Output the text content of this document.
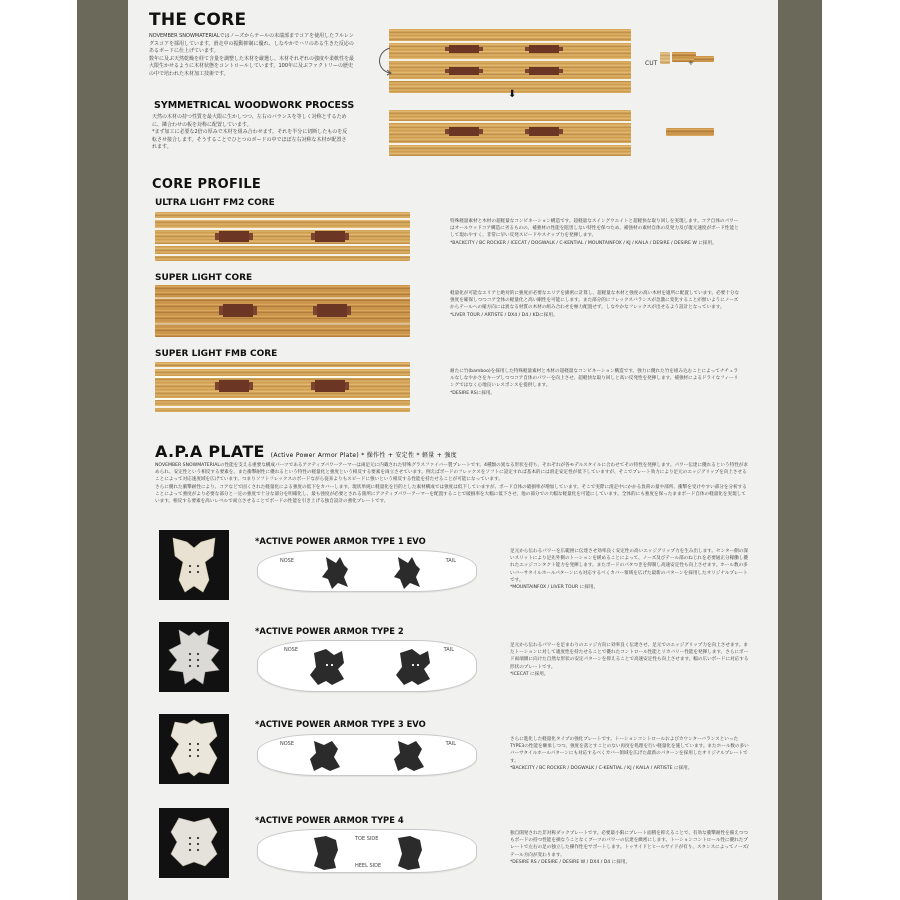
THE CORE
NOVEMBER SNOWMATERIALではノーズからテールの末端部までコアを使用したフルレングスコアを採用しています。滑走中の振動抑制に優れ、しなやかでハリのある生きた反応のあるボードに仕上げています。
数年に及ぶ天然乾燥を経て含量を調整した木材を厳選し、木材それぞれの強度や柔軟性を最大限生かせるように木材状態をコントロールしています。100年に及ぶファクトリーの歴史の中で培われた木材加工技術です。
SYMMETRICAL WOODWORK PROCESS
天然の木材の持つ性質を最大限に生かしつつ、左右のバランスを等しく対称とするために、隣合わせの板を対称に配置しています。
*まず加工に必要な2倍の厚みで木材を組み合わせます。それを半分に切断したものを反転させ接合します。そうすることでひとつのボードの中でほぼ左右対称な木材が配置されます。
⬇
CUT	+
CORE PROFILE
ULTRA LIGHT FM2 CORE
特殊軽量素材と木材の超軽量なコンビネーション構造です。超軽量なスイングウエイトと超軽快な取り回しを実現します。コア自体のパワーはオールウッドコア構造に劣るものの、補強材の性能を阻害しない特性を保つため、補強材の素材自体の反発力及び復元速度がボード性能として現れやすく、非常に早い反発スピードやスナップ力を発揮します。
*BACKCITY / BC ROCKER / ICECAT / DOGWALK / C-KENTIAL / MOUNTAINFOX / KJ / KAILA / DESIRE / DESIRE W に採用。
SUPER LIGHT CORE
軽量化が可能なエリアと絶対的に強度が必要なエリアを綿密に計算し、超軽量な木材と強度の高い木材を適所に配置しています。必要十分な強度を確保しつつコア全体の軽量化と高い剛性を可能にします。また部分的にフレックスバランスが急激に変化することが無いようにノーズからテールへの縦方向には異なる材質の木材の組み合わせを極力配置せず、しなやかなフレックスが出せるよう設計となっています。
*LIVER TOUR / ARTISTE / DX4 / D4 / KDに採用。
SUPER LIGHT FMB CORE
耐たに竹(bamboo)を採用した特殊軽量素材と木材の超軽量なコンビネーション構造です。強力に優れた竹を組み込むことによってナチュラルなしなやかさをキープしつつコア自体のパワーを向上させ、超軽快な取り回しと高い反発性を発揮します。補強材によるドライなフィーリングではなく心地良いレスポンスを提供します。
*DESIRE RSに採用。
A.P.A PLATE (Active Power Armor Plate) * 操作性 + 安定性 * 軽量 + 強度
NOVEMBER SNOWMATERIALの性能を支える重要な構成パーツであるアクティブパワーアーマーは両足元に内蔵された特殊グラスファイバー製プレートです。4種類の異なる形状を持ち、それぞれが各モデルスタイルに合わせてその特性を発揮します。パワー伝達に優れるという特性が求められ、安定性という相反する要素を、また衝撃耐性に優れるという特性の軽量化と強度という相反する要素を両立させています。例えばボードのフレックスをソフトに設定すれば基本的には滑走安定性が低下していますが、そこでプレート効力により足元のエッジグリップを向上させることによって対応速度域を広げています。つまりソフトフレックスのボードながら従来よりもスピードに強いという相反する性能を持たせることが可能になっています。
さらに優れた衝撃耐性により、コアなどで固くされた軽量化による強度の低下をカバーします。現状単純に軽量化を目的とした素材構成では強度は低下していますが、ボード自体の破損率が増加しています。そこで実際に滑走中にかかる負荷の量や部所、衝撃を受けやすい部分を分析することによって強度がより必要な部分と一定の強度で十分な部分を明確化し、最も強度が必要とされる箇所にアクティブパワーアーマーを配置することで破損率を大幅に低下させ、他の部分での大幅な軽量化を可能にしています。全体的にも強度を保ったままボード自体の軽量化を実現しています。相反する要素を高いレベルで両立させることでボードの性能を引き上げる独自設計の強化プレートです。
*ACTIVE POWER ARMOR TYPE 1 EVO
NOSE	TAIL
足元から伝わるパワーを広範囲に伝達させ効率良く安定性の高いエッジグリップ力を生み出します。センター側の深いスリットにより足先外側のトーションを緩めることによって、ノーズ及びテール部のねじれを必要通正分稼働し優れたエッジコンタクト能力を発揮します。またボードのパタつきを抑制し高速安定性も向上させます。ホール数の多いバーサタイルホールパターンにも対応するべくカバー領域を広げた最新のパターンを採用したオリジナルプレートです。
*MOUNTAINFOX / LIVER TOUR に採用。
*ACTIVE POWER ARMOR TYPE 2
NOSE	TAIL
足元から伝わるパワーを足まわりのエッジ方向に効率良く伝達させ、足元でのエッジグリップ力を向上させます。またトーションに対して適度性を持たせることで優れたコントロール性能とリカバリー性能を発揮します。さらにボード両端側に向けた自然な形状の安定パターンを抑えることで高速安定性も向上させます。幅の広いボードに対応する形状のプレートです。
*ICECAT に採用。
*ACTIVE POWER ARMOR TYPE 3 EVO
NOSE	TAIL
さらに進化した軽量化タイプの強化プレートです。トーションコントロールおよびカウンターバランスといったTYPE3の性能を継承しつつ、強度を落とすことのない再度を処理を行い軽量化を施しています。またホール数の多いバーサタイルホールパターンにも対応するべくカバー領域を広げた最新のパターンを採用したオリジナルプレートです。
*BACKCITY / BC ROCKER / DOGWALK / C-KENTIAL / KJ / KAILA / ARTISTE に採用。
*ACTIVE POWER ARMOR TYPE 4
TOE SIDE
HEEL SIDE
独自開発された非対称ダックプレートです。必要最小限にプレート面積を抑えることで、有効な衝撃耐性を備えつつもボードの持つ性能を損なうことなくブーツのパワーの伝達を緻密にします。トーションコントロール性に優れたプレートで左右の足の独立した操作性をサポートします。トゥサイドとヒールサイドが有り、スタンスによってノーズ/テール方向が変わります。
*DESIRE RS / DESIRE / DESIRE W / DX4 / D4 に採用。
